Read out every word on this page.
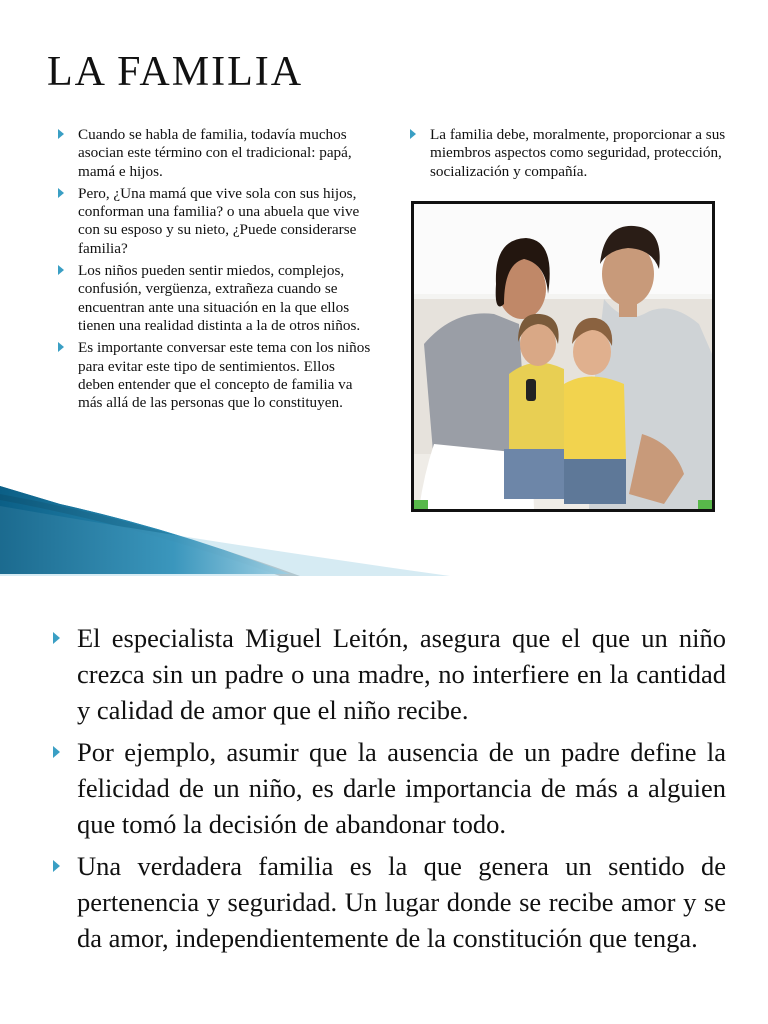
LA FAMILIA
Cuando se habla de familia, todavía muchos asocian este término con el tradicional: papá, mamá e hijos.
Pero, ¿Una mamá que vive sola con sus hijos, conforman una familia? o una abuela que vive con su esposo y su nieto, ¿Puede considerarse familia?
Los niños pueden sentir miedos, complejos, confusión, vergüenza, extrañeza cuando se encuentran ante una situación en la que ellos tienen una realidad distinta a la de otros niños.
Es importante conversar este tema con los niños para evitar este tipo de sentimientos. Ellos deben entender que el concepto de familia va más allá de las personas que lo constituyen.
La familia debe, moralmente, proporcionar a sus miembros aspectos como seguridad, protección, socialización y compañía.
El especialista Miguel Leitón, asegura que el que un niño crezca sin un padre o una madre, no interfiere en la cantidad y calidad de amor que el niño recibe.
Por ejemplo, asumir que la ausencia de un padre define la felicidad de un niño, es darle importancia de más a alguien que tomó la decisión de abandonar todo.
Una verdadera familia es la que genera un sentido de pertenencia y seguridad. Un lugar donde se recibe amor y se da amor, independientemente de la constitución que tenga.
